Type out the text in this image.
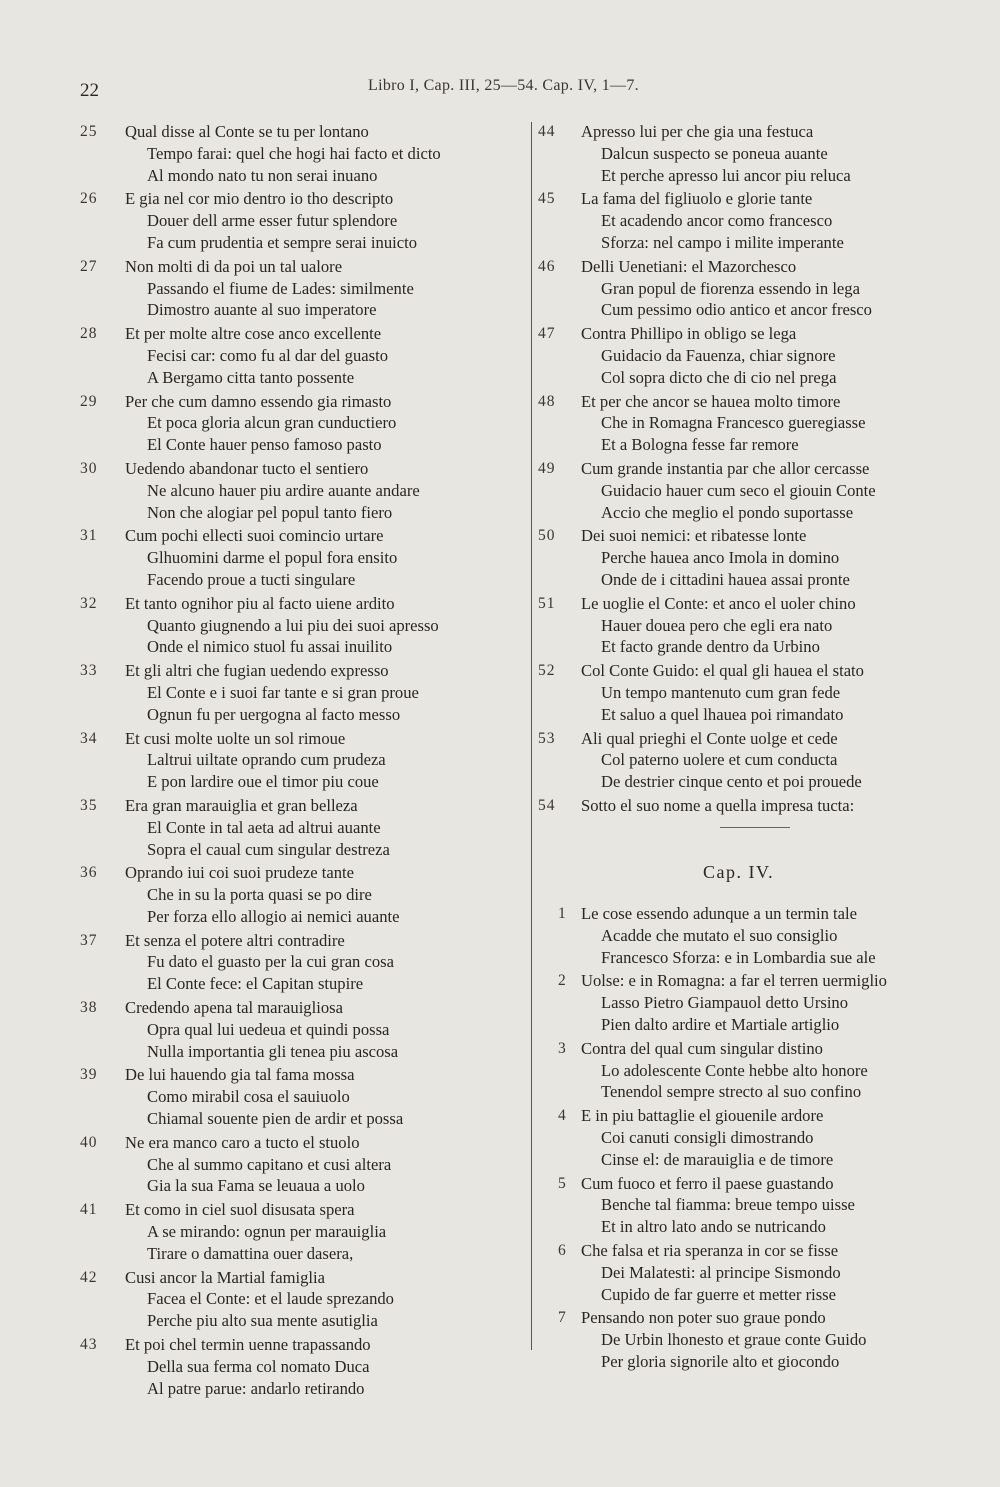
22	Libro I, Cap. III, 25—54. Cap. IV, 1—7.
25	Qual disse al Conte se tu per lontano
Tempo farai: quel che hogi hai facto et dicto
Al mondo nato tu non serai inuano
26	E gia nel cor mio dentro io tho descripto
Douer dell arme esser futur splendore
Fa cum prudentia et sempre serai inuicto
27	Non molti di da poi un tal ualore
Passando el fiume de Lades: similmente
Dimostro auante al suo imperatore
28	Et per molte altre cose anco excellente
Fecisi car: como fu al dar del guasto
A Bergamo citta tanto possente
29	Per che cum damno essendo gia rimasto
Et poca gloria alcun gran cunductiero
El Conte hauer penso famoso pasto
30	Uedendo abandonar tucto el sentiero
Ne alcuno hauer piu ardire auante andare
Non che alogiar pel popul tanto fiero
31	Cum pochi ellecti suoi comincio urtare
Glhuomini darme el popul fora ensito
Facendo proue a tucti singulare
32	Et tanto ognihor piu al facto uiene ardito
Quanto giugnendo a lui piu dei suoi apresso
Onde el nimico stuol fu assai inuilito
33	Et gli altri che fugian uedendo expresso
El Conte e i suoi far tante e si gran proue
Ognun fu per uergogna al facto messo
34	Et cusi molte uolte un sol rimoue
Laltrui uiltate oprando cum prudeza
E pon lardire oue el timor piu coue
35	Era gran marauiglia et gran belleza
El Conte in tal aeta ad altrui auante
Sopra el caual cum singular destreza
36	Oprando iui coi suoi prudeze tante
Che in su la porta quasi se po dire
Per forza ello allogio ai nemici auante
37	Et senza el potere altri contradire
Fu dato el guasto per la cui gran cosa
El Conte fece: el Capitan stupire
38	Credendo apena tal marauigliosa
Opra qual lui uedeua et quindi possa
Nulla importantia gli tenea piu ascosa
39	De lui hauendo gia tal fama mossa
Como mirabil cosa el sauiuolo
Chiamal souente pien de ardir et possa
40	Ne era manco caro a tucto el stuolo
Che al summo capitano et cusi altera
Gia la sua Fama se leuaua a uolo
41	Et como in ciel suol disusata spera
A se mirando: ognun per marauiglia
Tirare o damattina ouer dasera,
42	Cusi ancor la Martial famiglia
Facea el Conte: et el laude sprezando
Perche piu alto sua mente asutiglia
43	Et poi chel termin uenne trapassando
Della sua ferma col nomato Duca
Al patre parue: andarlo retirando
44	Apresso lui per che gia una festuca
Dalcun suspecto se poneua auante
Et perche apresso lui ancor piu reluca
45	La fama del figliuolo e glorie tante
Et acadendo ancor como francesco
Sforza: nel campo i milite imperante
46	Delli Uenetiani: el Mazorchesco
Gran popul de fiorenza essendo in lega
Cum pessimo odio antico et ancor fresco
47	Contra Phillipo in obligo se lega
Guidacio da Fauenza, chiar signore
Col sopra dicto che di cio nel prega
48	Et per che ancor se hauea molto timore
Che in Romagna Francesco gueregiasse
Et a Bologna fesse far remore
49	Cum grande instantia par che allor cercasse
Guidacio hauer cum seco el giouin Conte
Accio che meglio el pondo suportasse
50	Dei suoi nemici: et ribatesse lonte
Perche hauea anco Imola in domino
Onde de i cittadini hauea assai pronte
51	Le uoglie el Conte: et anco el uoler chino
Hauer douea pero che egli era nato
Et facto grande dentro da Urbino
52	Col Conte Guido: el qual gli hauea el stato
Un tempo mantenuto cum gran fede
Et saluo a quel lhauea poi rimandato
53	Ali qual prieghi el Conte uolge et cede
Col paterno uolere et cum conducta
De destrier cinque cento et poi prouede
54	Sotto el suo nome a quella impresa tucta:
Cap. IV.
1 Le cose essendo adunque a un termin tale
Acadde che mutato el suo consiglio
Francesco Sforza: e in Lombardia sue ale
2 Uolse: e in Romagna: a far el terren uermiglio
Lasso Pietro Giampauol detto Ursino
Pien dalto ardire et Martiale artiglio
3 Contra del qual cum singular distino
Lo adolescente Conte hebbe alto honore
Tenendol sempre strecto al suo confino
4 E in piu battaglie el giouenile ardore
Coi canuti consigli dimostrando
Cinse el: de marauiglia e de timore
5 Cum fuoco et ferro il paese guastando
Benche tal fiamma: breue tempo uisse
Et in altro lato ando se nutricando
6 Che falsa et ria speranza in cor se fisse
Dei Malatesti: al principe Sismondo
Cupido de far guerre et metter risse
7 Pensando non poter suo graue pondo
De Urbin lhonesto et graue conte Guido
Per gloria signorile alto et giocondo
